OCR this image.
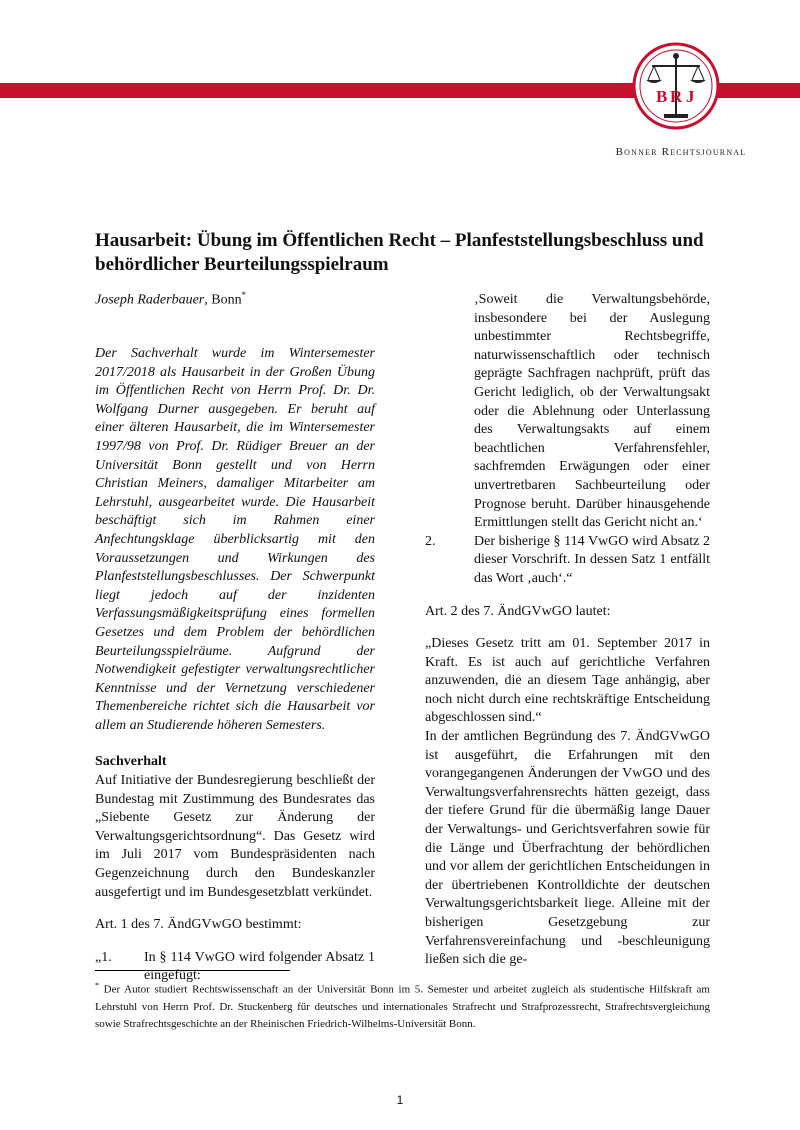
B R J
Bonner Rechtsjournal
Hausarbeit: Übung im Öffentlichen Recht – Planfeststellungsbeschluss und behördlicher Beurteilungsspielraum
Joseph Raderbauer, Bonn*

Der Sachverhalt wurde im Wintersemester 2017/2018 als Hausarbeit in der Großen Übung im Öffentlichen Recht von Herrn Prof. Dr. Dr. Wolfgang Durner ausgegeben. Er beruht auf einer älteren Hausarbeit, die im Wintersemester 1997/98 von Prof. Dr. Rüdiger Breuer an der Universität Bonn gestellt und von Herrn Christian Meiners, damaliger Mitarbeiter am Lehrstuhl, ausgearbeitet wurde. Die Hausarbeit beschäftigt sich im Rahmen einer Anfechtungsklage überblicksartig mit den Voraussetzungen und Wirkungen des Planfeststellungsbeschlusses. Der Schwerpunkt liegt jedoch auf der inzidenten Verfassungsmäßigkeitsprüfung eines formellen Gesetzes und dem Problem der behördlichen Beurteilungsspielräume. Aufgrund der Notwendigkeit gefestigter verwaltungsrechtlicher Kenntnisse und der Vernetzung verschiedener Themenbereiche richtet sich die Hausarbeit vor allem an Studierende höheren Semesters.

Sachverhalt

Auf Initiative der Bundesregierung beschließt der Bundestag mit Zustimmung des Bundesrates das „Siebente Gesetz zur Änderung der Verwaltungsgerichtsordnung“. Das Gesetz wird im Juli 2017 vom Bundespräsidenten nach Gegenzeichnung durch den Bundeskanzler ausgefertigt und im Bundesgesetzblatt verkündet.

Art. 1 des 7. ÄndGVwGO bestimmt:

„1.	In § 114 VwGO wird folgender Absatz 1 eingefügt:

‚Soweit die Verwaltungsbehörde, insbesondere bei der Auslegung unbestimmter Rechtsbegriffe, naturwissenschaftlich oder technisch geprägte Sachfragen nachprüft, prüft das Gericht lediglich, ob der Verwaltungsakt oder die Ablehnung oder Unterlassung des Verwaltungsakts auf einem beachtlichen Verfahrensfehler, sachfremden Erwägungen oder einer unvertretbaren Sachbeurteilung oder Prognose beruht. Darüber hinausgehende Ermittlungen stellt das Gericht nicht an.‘

2.	Der bisherige § 114 VwGO wird Absatz 2 dieser Vorschrift. In dessen Satz 1 entfällt das Wort ‚auch‘.“

Art. 2 des 7. ÄndGVwGO lautet:

„Dieses Gesetz tritt am 01. September 2017 in Kraft. Es ist auch auf gerichtliche Verfahren anzuwenden, die an diesem Tage anhängig, aber noch nicht durch eine rechtskräftige Entscheidung abgeschlossen sind.“

In der amtlichen Begründung des 7. ÄndGVwGO ist ausgeführt, die Erfahrungen mit den vorangegangenen Änderungen der VwGO und des Verwaltungsverfahrensrechts hätten gezeigt, dass der tiefere Grund für die übermäßig lange Dauer der Verwaltungs- und Gerichtsverfahren sowie für die Länge und Überfrachtung der behördlichen und vor allem der gerichtlichen Entscheidungen in der übertriebenen Kontrolldichte der deutschen Verwaltungsgerichtsbarkeit liege. Alleine mit der bisherigen Gesetzgebung zur Verfahrensvereinfachung und -beschleunigung ließen sich die ge-

* Der Autor studiert Rechtswissenschaft an der Universität Bonn im 5. Semester und arbeitet zugleich als studentische Hilfskraft am Lehrstuhl von Herrn Prof. Dr. Stuckenberg für deutsches und internationales Strafrecht und Strafprozessrecht, Strafrechtsvergleichung sowie Strafrechtsgeschichte an der Rheinischen Friedrich-Wilhelms-Universität Bonn.
1
